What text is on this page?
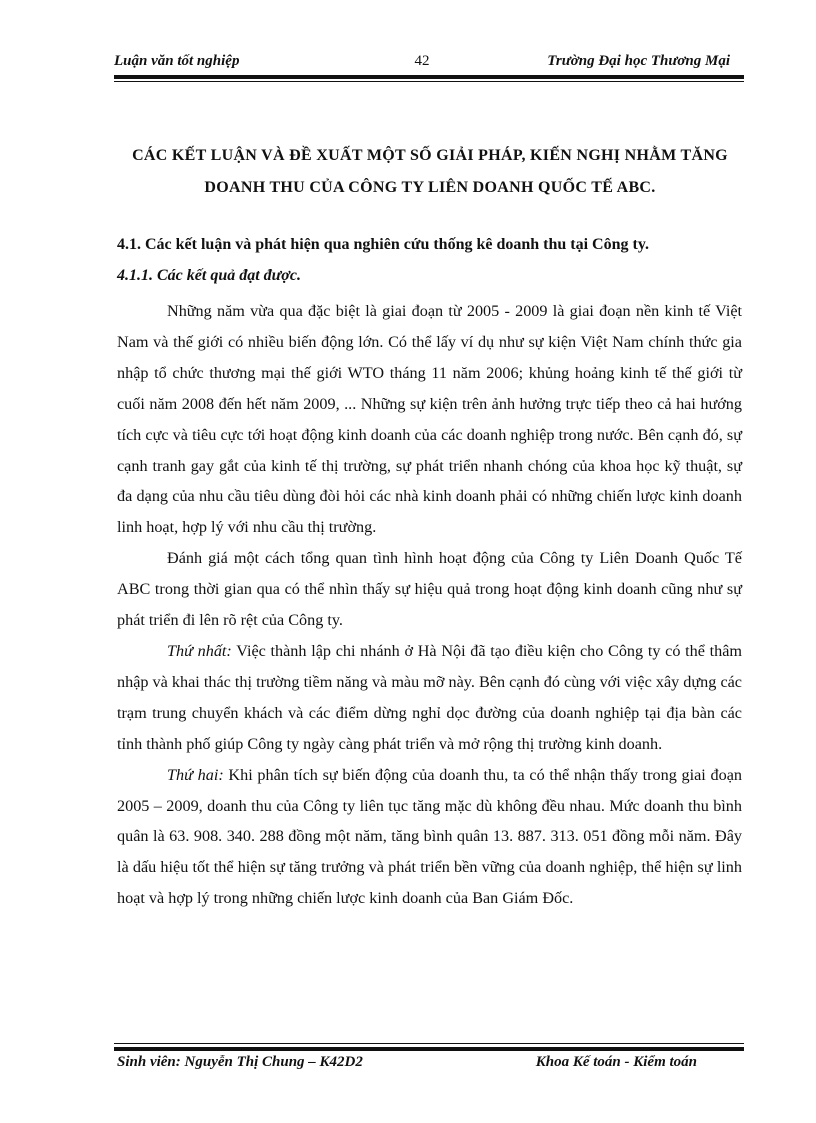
Luận văn tốt nghiệp	42	Trường Đại học Thương Mại
CÁC KẾT LUẬN VÀ ĐỀ XUẤT MỘT SỐ GIẢI PHÁP, KIẾN NGHỊ NHẰM TĂNG
DOANH THU CỦA CÔNG TY LIÊN DOANH QUỐC TẾ ABC.
4.1. Các kết luận và phát hiện qua nghiên cứu thống kê doanh thu tại Công ty.
4.1.1. Các kết quả đạt được.

Những năm vừa qua đặc biệt là giai đoạn từ 2005 - 2009 là giai đoạn nền kinh tế Việt Nam và thế giới có nhiều biến động lớn. Có thể lấy ví dụ như sự kiện Việt Nam chính thức gia nhập tổ chức thương mại thế giới WTO tháng 11 năm 2006; khủng hoảng kinh tế thế giới từ cuối năm 2008 đến hết năm 2009, ... Những sự kiện trên ảnh hưởng trực tiếp theo cả hai hướng tích cực và tiêu cực tới hoạt động kinh doanh của các doanh nghiệp trong nước. Bên cạnh đó, sự cạnh tranh gay gắt của kinh tế thị trường, sự phát triển nhanh chóng của khoa học kỹ thuật, sự đa dạng của nhu cầu tiêu dùng đòi hỏi các nhà kinh doanh phải có những chiến lược kinh doanh linh hoạt, hợp lý với nhu cầu thị trường.

Đánh giá một cách tổng quan tình hình hoạt động của Công ty Liên Doanh Quốc Tế ABC trong thời gian qua có thể nhìn thấy sự hiệu quả trong hoạt động kinh doanh cũng như sự phát triển đi lên rõ rệt của Công ty.

Thứ nhất: Việc thành lập chi nhánh ở Hà Nội đã tạo điều kiện cho Công ty có thể thâm nhập và khai thác thị trường tiềm năng và màu mỡ này. Bên cạnh đó cùng với việc xây dựng các trạm trung chuyển khách và các điểm dừng nghỉ dọc đường của doanh nghiệp tại địa bàn các tỉnh thành phố giúp Công ty ngày càng phát triển và mở rộng thị trường kinh doanh.

Thứ hai: Khi phân tích sự biến động của doanh thu, ta có thể nhận thấy trong giai đoạn 2005 – 2009, doanh thu của Công ty liên tục tăng mặc dù không đều nhau. Mức doanh thu bình quân là 63. 908. 340. 288 đồng một năm, tăng bình quân 13. 887. 313. 051 đồng mỗi năm. Đây là dấu hiệu tốt thể hiện sự tăng trưởng và phát triển bền vững của doanh nghiệp, thể hiện sự linh hoạt và hợp lý trong những chiến lược kinh doanh của Ban Giám Đốc.

Sinh viên: Nguyễn Thị Chung – K42D2	Khoa Kế toán - Kiểm toán
